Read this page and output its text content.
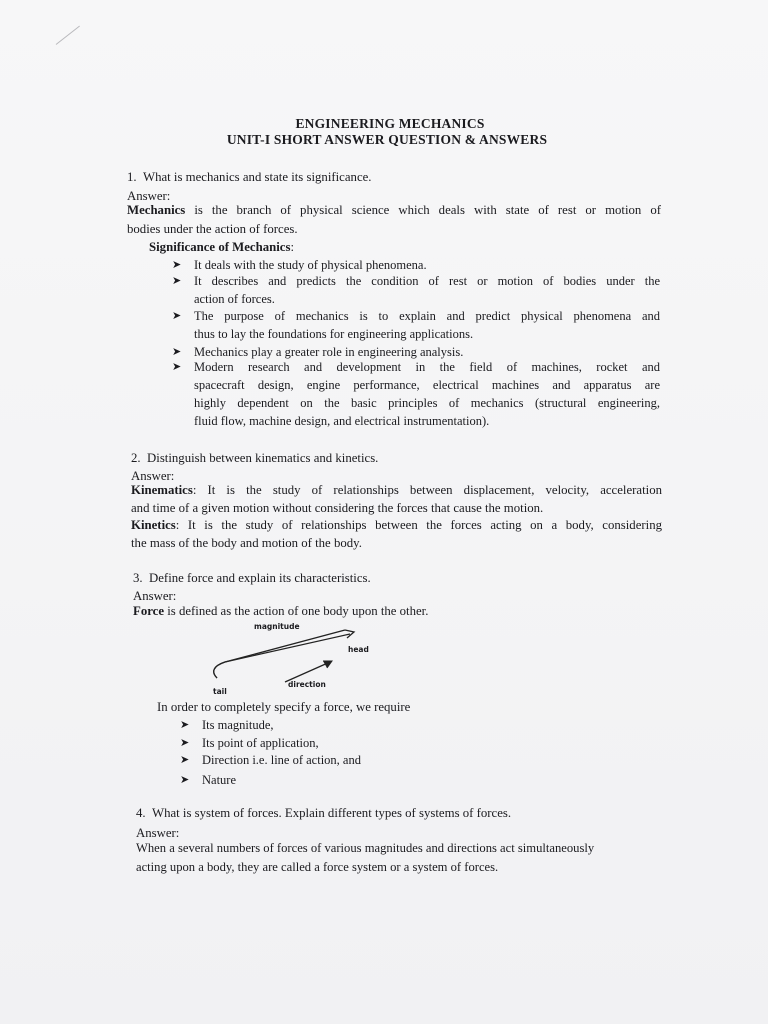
ENGINEERING MECHANICS
UNIT-I SHORT ANSWER QUESTION & ANSWERS
1. What is mechanics and state its significance.
Answer:
Mechanics is the branch of physical science which deals with state of rest or motion of
bodies under the action of forces.
Significance of Mechanics:
➤ It deals with the study of physical phenomena.
➤ It describes and predicts the condition of rest or motion of bodies under the
action of forces.
➤ The purpose of mechanics is to explain and predict physical phenomena and
thus to lay the foundations for engineering applications.
➤ Mechanics play a greater role in engineering analysis.
➤ Modern research and development in the field of machines, rocket and
spacecraft design, engine performance, electrical machines and apparatus are
highly dependent on the basic principles of mechanics (structural engineering,
fluid flow, machine design, and electrical instrumentation).
2. Distinguish between kinematics and kinetics.
Answer:
Kinematics: It is the study of relationships between displacement, velocity, acceleration
and time of a given motion without considering the forces that cause the motion.
Kinetics: It is the study of relationships between the forces acting on a body, considering
the mass of the body and motion of the body.
3. Define force and explain its characteristics.
Answer:
Force is defined as the action of one body upon the other.
magnitude
head
direction
tail
In order to completely specify a force, we require
➤ Its magnitude,
➤ Its point of application,
➤ Direction i.e. line of action, and
➤ Nature
4. What is system of forces. Explain different types of systems of forces.
Answer:
When a several numbers of forces of various magnitudes and directions act simultaneously
acting upon a body, they are called a force system or a system of forces.
